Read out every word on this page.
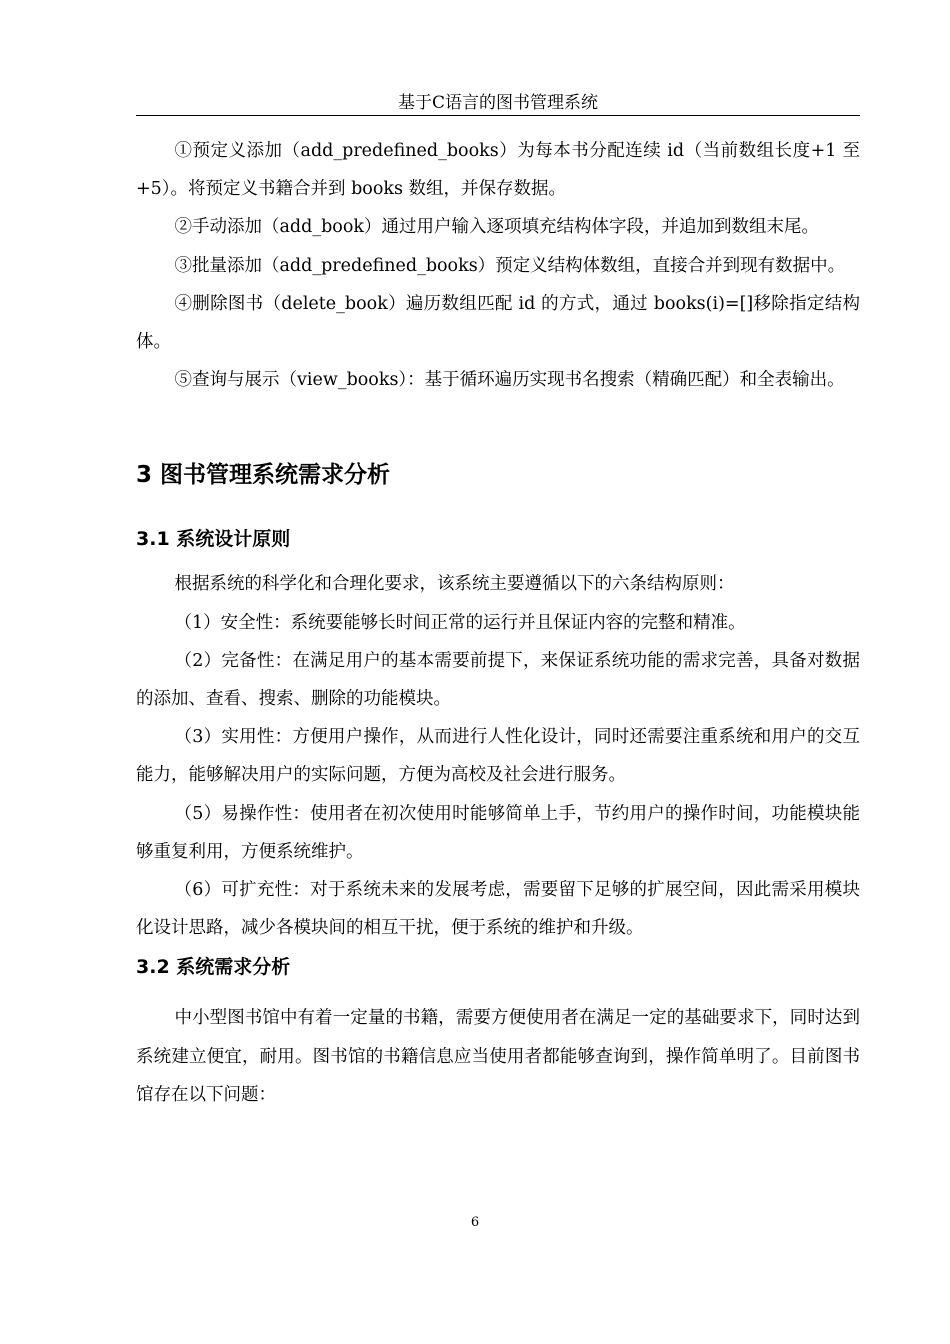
基于C语言的图书管理系统

①预定义添加（add_predefined_books）为每本书分配连续 id（当前数组长度+1 至 +5）。将预定义书籍合并到 books 数组，并保存数据。

②手动添加（add_book）通过用户输入逐项填充结构体字段，并追加到数组末尾。

③批量添加（add_predefined_books）预定义结构体数组，直接合并到现有数据中。

④删除图书（delete_book）遍历数组匹配 id 的方式，通过 books(i)=[]移除指定结构体。

⑤查询与展示（view_books）：基于循环遍历实现书名搜索（精确匹配）和全表输出。

3 图书管理系统需求分析
3.1 系统设计原则

根据系统的科学化和合理化要求，该系统主要遵循以下的六条结构原则：

（1）安全性：系统要能够长时间正常的运行并且保证内容的完整和精准。

（2）完备性：在满足用户的基本需要前提下，来保证系统功能的需求完善，具备对数据的添加、查看、搜索、删除的功能模块。

（3）实用性：方便用户操作，从而进行人性化设计，同时还需要注重系统和用户的交互能力，能够解决用户的实际问题，方便为高校及社会进行服务。

（5）易操作性：使用者在初次使用时能够简单上手，节约用户的操作时间，功能模块能够重复利用，方便系统维护。

（6）可扩充性：对于系统未来的发展考虑，需要留下足够的扩展空间，因此需采用模块化设计思路，减少各模块间的相互干扰，便于系统的维护和升级。

3.2 系统需求分析

中小型图书馆中有着一定量的书籍，需要方便使用者在满足一定的基础要求下，同时达到系统建立便宜，耐用。图书馆的书籍信息应当使用者都能够查询到，操作简单明了。目前图书馆存在以下问题：

6
